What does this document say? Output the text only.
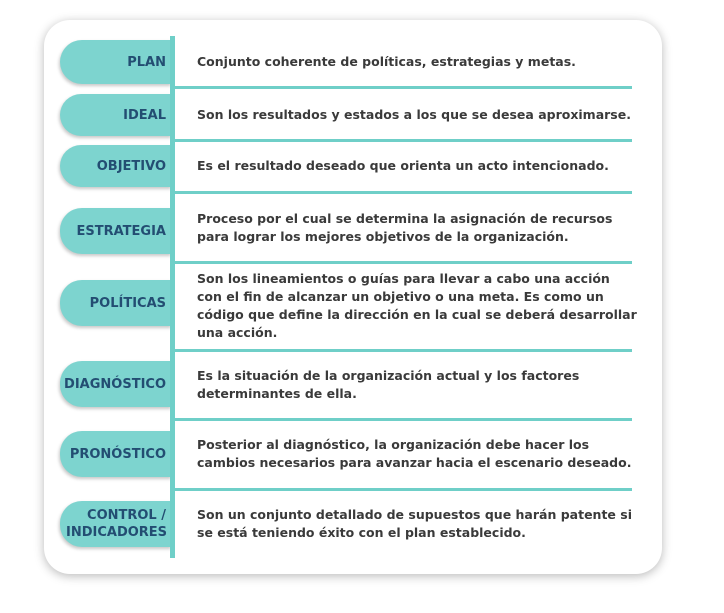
PLAN Conjunto coherente de políticas, estrategias y metas.
IDEAL Son los resultados y estados a los que se desea aproximarse.
OBJETIVO Es el resultado deseado que orienta un acto intencionado.
ESTRATEGIA
Proceso por el cual se determina la asignación de recursos para lograr los mejores objetivos de la organización.
POLÍTICAS
Son los lineamientos o guías para llevar a cabo una acción con el fin de alcanzar un objetivo o una meta. Es como un código que define la dirección en la cual se deberá desarrollar una acción.
DIAGNÓSTICO
Es la situación de la organización actual y los factores determinantes de ella.
PRONÓSTICO
Posterior al diagnóstico, la organización debe hacer los cambios necesarios para avanzar hacia el escenario deseado.
CONTROL / INDICADORES
Son un conjunto detallado de supuestos que harán patente si se está teniendo éxito con el plan establecido.
